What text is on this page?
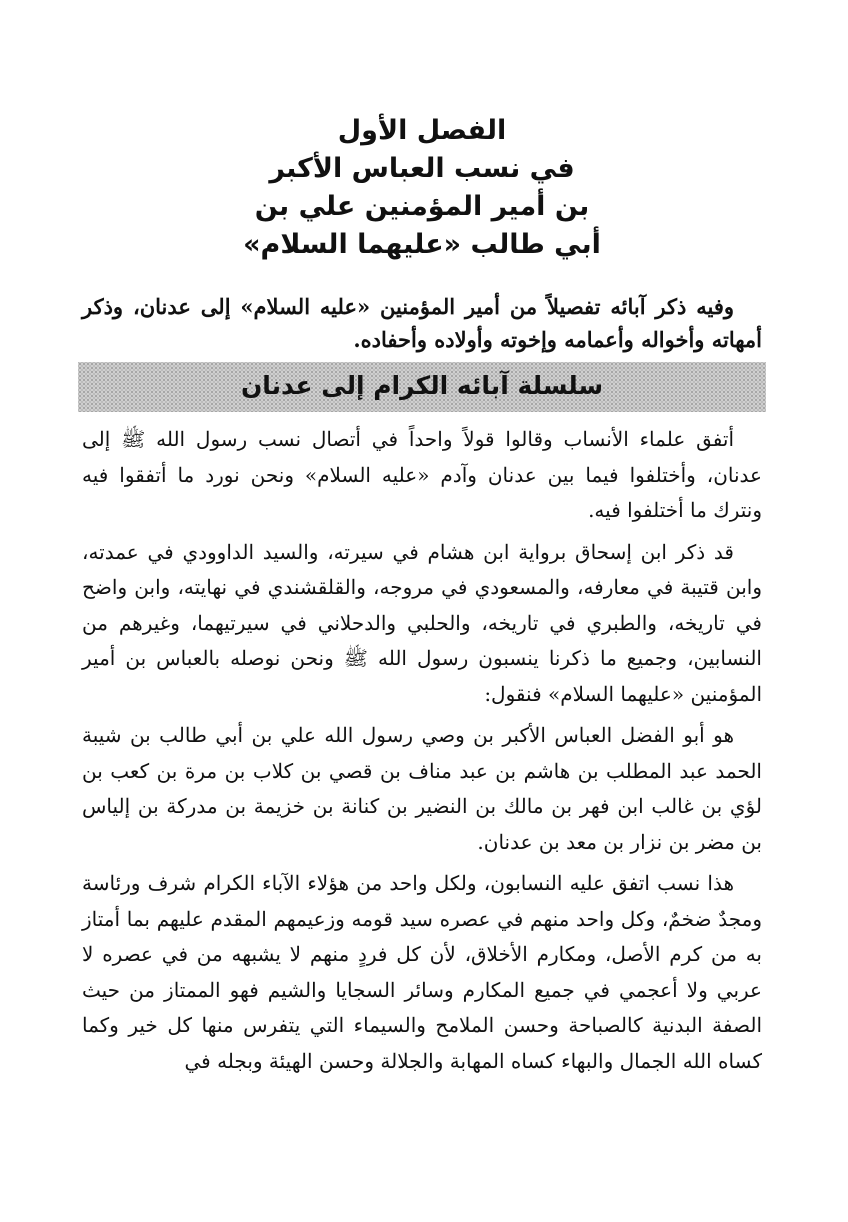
الفصل الأول
في نسب العباس الأكبر
بن أمير المؤمنين علي بن
أبي طالب «عليهما السلام»

وفيه ذكر آبائه تفصيلاً من أمير المؤمنين «عليه السلام» إلى عدنان، وذكر أمهاته وأخواله وأعمامه وإخوته وأولاده وأحفاده.

سلسلة آبائه الكرام إلى عدنان

أتفق علماء الأنساب وقالوا قولاً واحداً في أتصال نسب رسول الله ﷺ إلى عدنان، وأختلفوا فيما بين عدنان وآدم «عليه السلام» ونحن نورد ما أتفقوا فيه ونترك ما أختلفوا فيه.

قد ذكر ابن إسحاق برواية ابن هشام في سيرته، والسيد الداوودي في عمدته، وابن قتيبة في معارفه، والمسعودي في مروجه، والقلقشندي في نهايته، وابن واضح في تاريخه، والطبري في تاريخه، والحلبي والدحلاني في سيرتيهما، وغيرهم من النسابين، وجميع ما ذكرنا ينسبون رسول الله ﷺ ونحن نوصله بالعباس بن أمير المؤمنين «عليهما السلام» فنقول:

هو أبو الفضل العباس الأكبر بن وصي رسول الله علي بن أبي طالب بن شيبة الحمد عبد المطلب بن هاشم بن عبد مناف بن قصي بن كلاب بن مرة بن كعب بن لؤي بن غالب ابن فهر بن مالك بن النضير بن كنانة بن خزيمة بن مدركة بن إلياس بن مضر بن نزار بن معد بن عدنان.

هذا نسب اتفق عليه النسابون، ولكل واحد من هؤلاء الآباء الكرام شرف ورئاسة ومجدٌ ضخمٌ، وكل واحد منهم في عصره سيد قومه وزعيمهم المقدم عليهم بما أمتاز به من كرم الأصل، ومكارم الأخلاق، لأن كل فردٍ منهم لا يشبهه من في عصره لا عربي ولا أعجمي في جميع المكارم وسائر السجايا والشيم فهو الممتاز من حيث الصفة البدنية كالصباحة وحسن الملامح والسيماء التي يتفرس منها كل خير وكما كساه الله الجمال والبهاء كساه المهابة والجلالة وحسن الهيئة وبجله في
